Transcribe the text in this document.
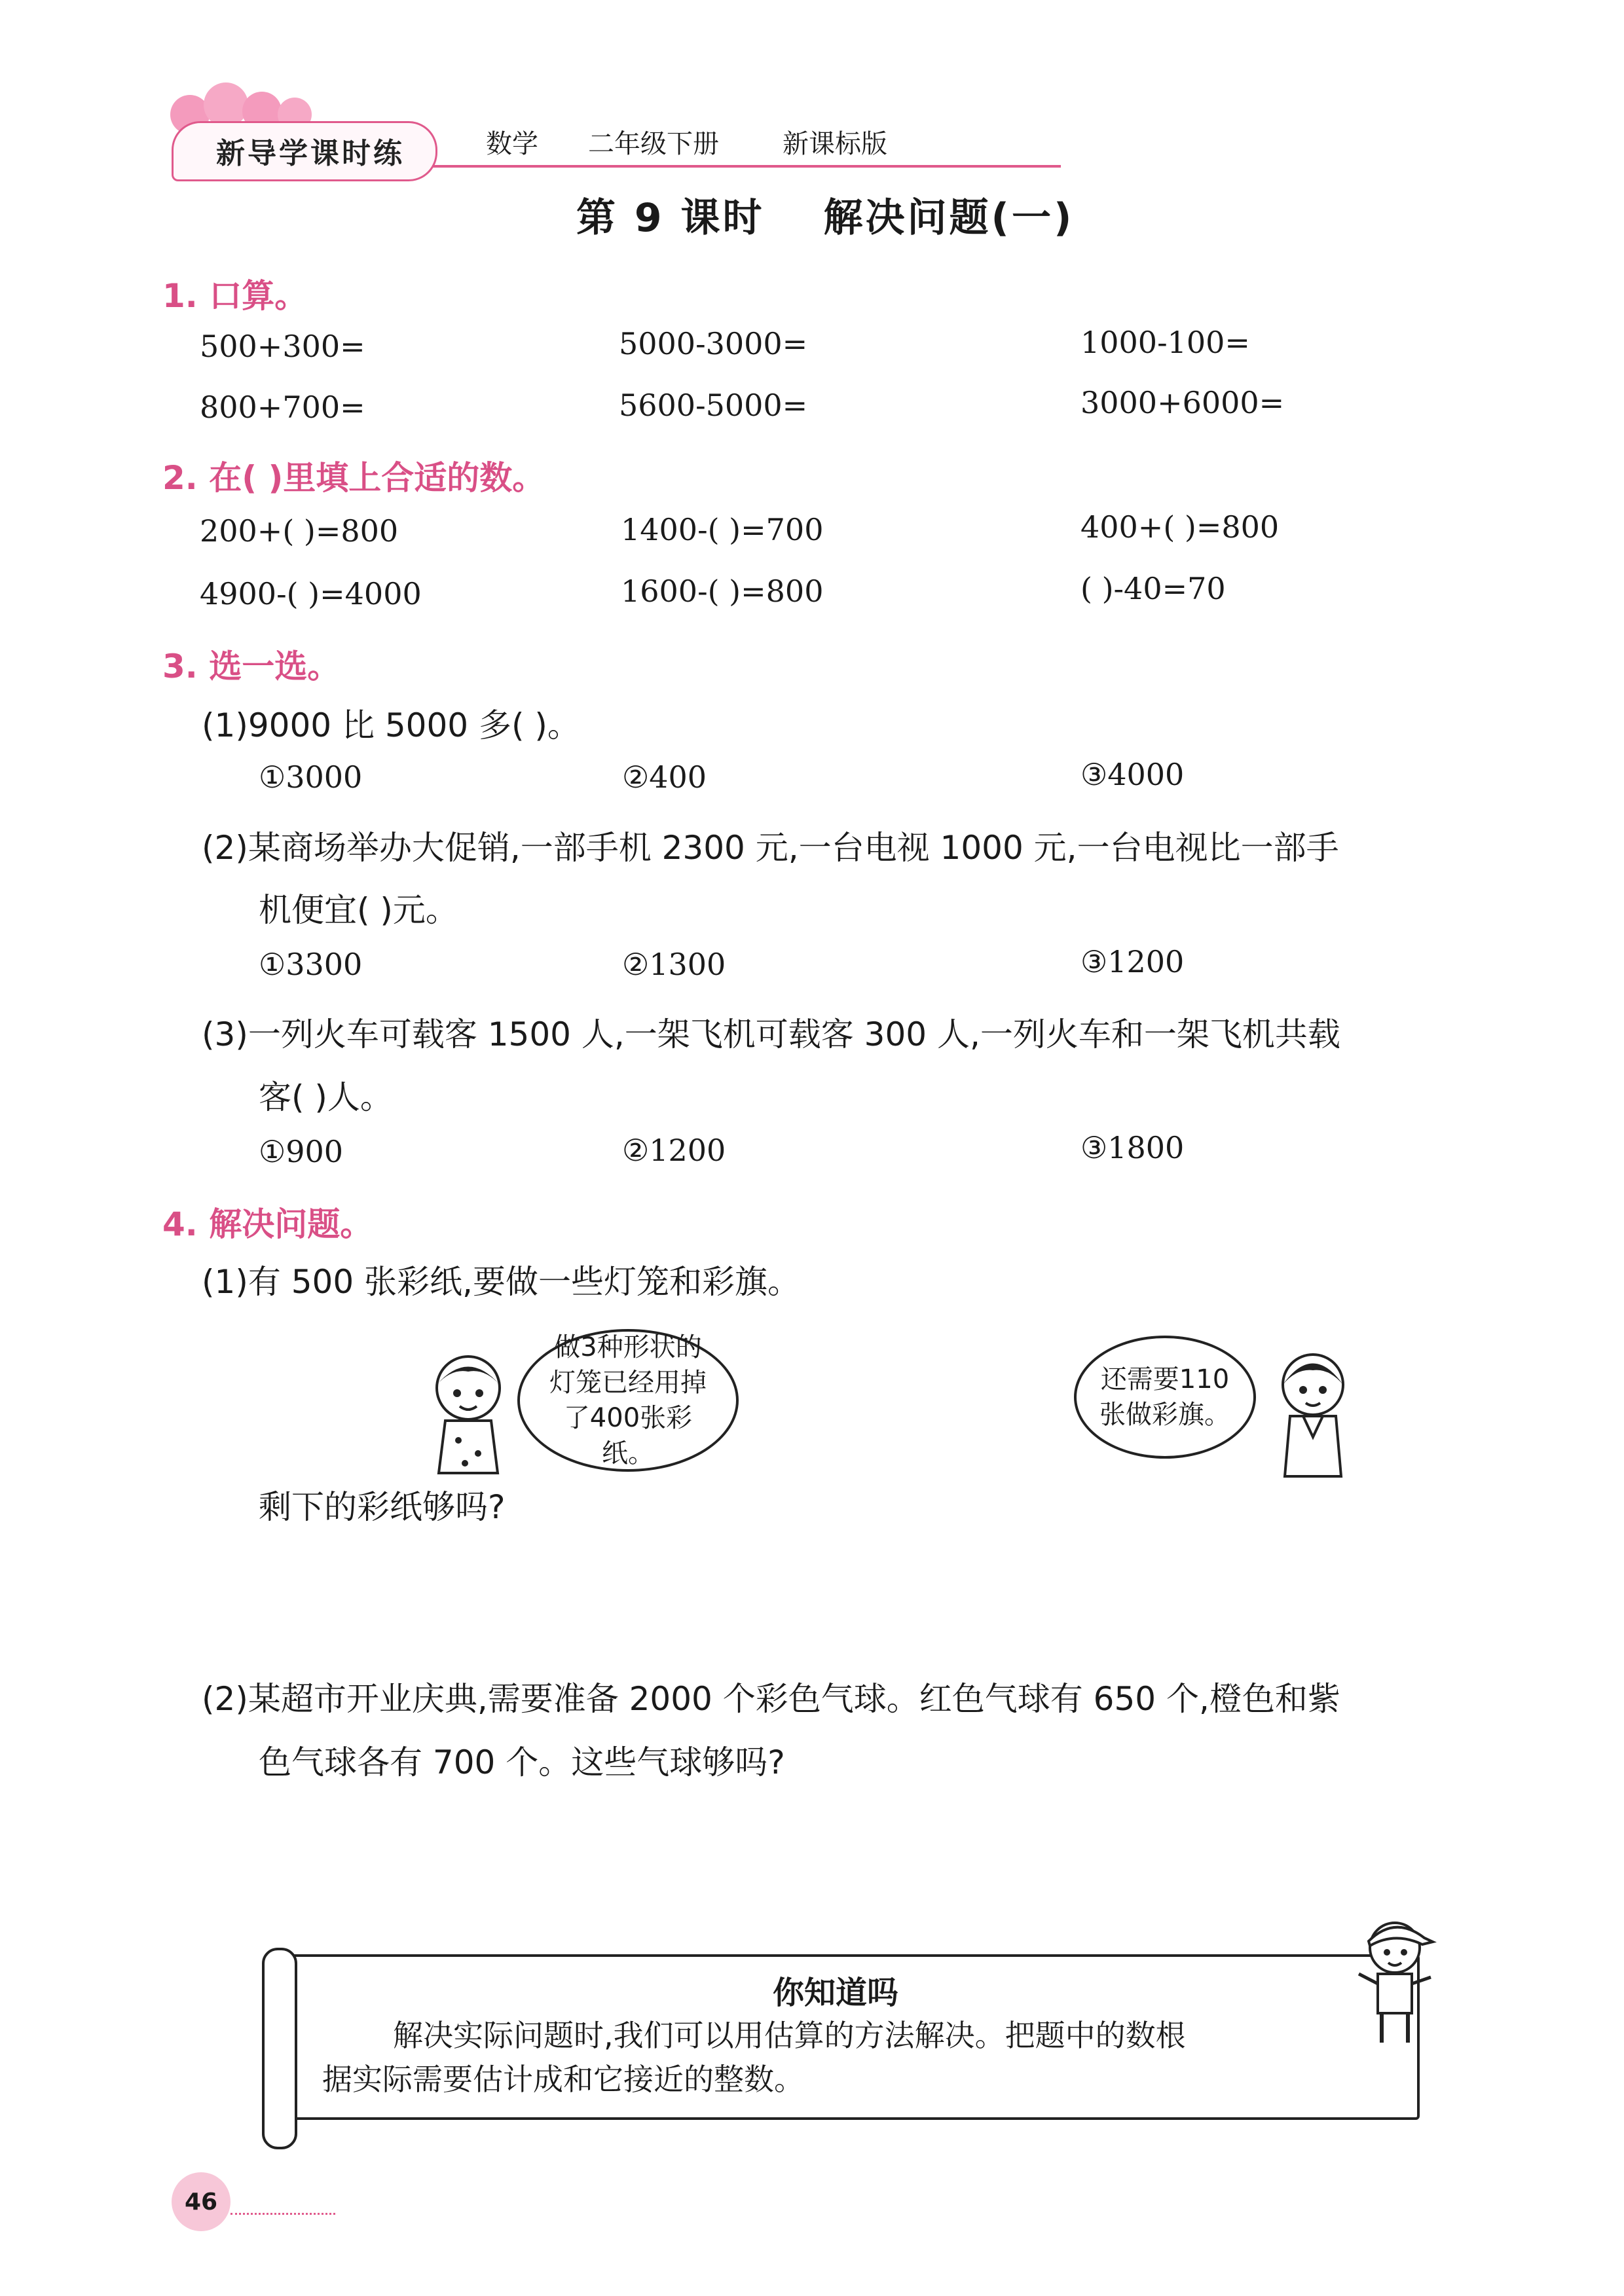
新导学课时练	数学 二年级下册 新课标版
第 9 课时 解决问题(一)
1. 口算。
500+300=	5000-3000=	1000-100=
800+700=	5600-5000=	3000+6000=
2. 在( )里填上合适的数。
200+( )=800	1400-( )=700	400+( )=800
4900-( )=4000	1600-( )=800	( )-40=70
3. 选一选。
(1)9000 比 5000 多( )。
①3000	②400	③4000
(2)某商场举办大促销,一部手机 2300 元,一台电视 1000 元,一台电视比一部手
机便宜( )元。
①3300	②1300	③1200
(3)一列火车可载客 1500 人,一架飞机可载客 300 人,一列火车和一架飞机共载
客( )人。
①900	②1200	③1800
4. 解决问题。
(1)有 500 张彩纸,要做一些灯笼和彩旗。
做3种形状的灯笼已经用掉了400张彩纸。
还需要110张做彩旗。
剩下的彩纸够吗?
(2)某超市开业庆典,需要准备 2000 个彩色气球。红色气球有 650 个,橙色和紫
色气球各有 700 个。这些气球够吗?
你知道吗
解决实际问题时,我们可以用估算的方法解决。把题中的数根
据实际需要估计成和它接近的整数。
46
